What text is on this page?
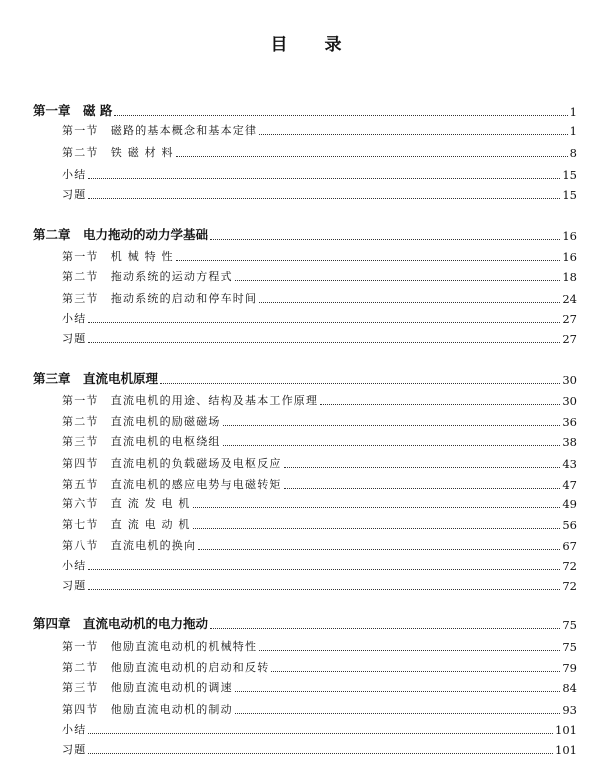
目　　录
第一章　磁 路	1
第一节　磁路的基本概念和基本定律	1
第二节　铁 磁 材 料	8
小结	15
习题	15
第二章　电力拖动的动力学基础	16
第一节　机 械 特 性	16
第二节　拖动系统的运动方程式	18
第三节　拖动系统的启动和停车时间	24
小结	27
习题	27
第三章　直流电机原理	30
第一节　直流电机的用途、结构及基本工作原理	30
第二节　直流电机的励磁磁场	36
第三节　直流电机的电枢绕组	38
第四节　直流电机的负载磁场及电枢反应	43
第五节　直流电机的感应电势与电磁转矩	47
第六节　直 流 发 电 机	49
第七节　直 流 电 动 机	56
第八节　直流电机的换向	67
小结	72
习题	72
第四章　直流电动机的电力拖动	75
第一节　他励直流电动机的机械特性	75
第二节　他励直流电动机的启动和反转	79
第三节　他励直流电动机的调速	84
第四节　他励直流电动机的制动	93
小结	101
习题	101
